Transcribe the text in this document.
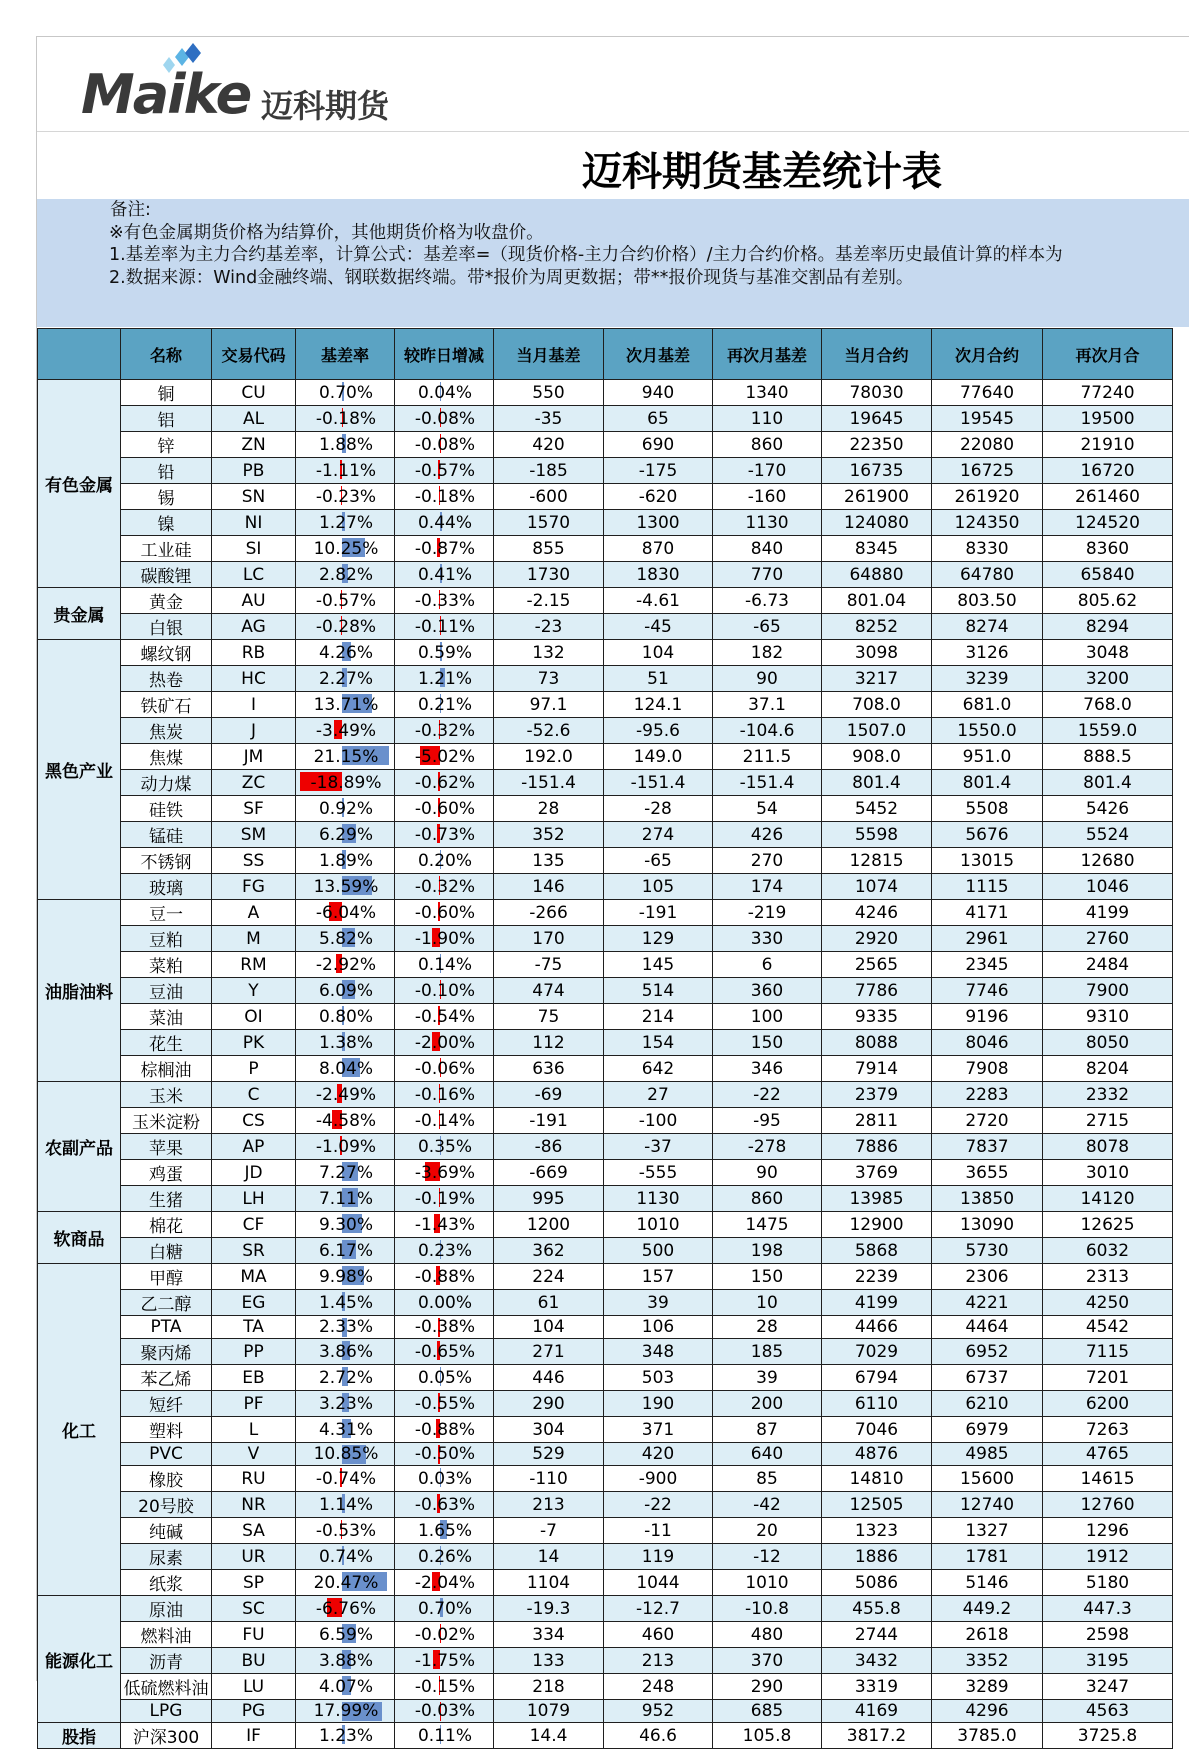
Maike 迈科期货
迈科期货基差统计表
备注:
※有色金属期货价格为结算价，其他期货价格为收盘价。
1.基差率为主力合约基差率，计算公式：基差率=（现货价格-主力合约价格）/主力合约价格。基差率历史最值计算的样本为
2.数据来源：Wind金融终端、钢联数据终端。带*报价为周更数据；带**报价现货与基准交割品有差别。
	名称	交易代码	基差率	较昨日增减	当月基差	次月基差	再次月基差	当月合约	次月合约	再次月合
有色金属	铜	CU	0.70%	0.04%	550	940	1340	78030	77640	77240
	铝	AL	-0.18%	-0.08%	-35	65	110	19645	19545	19500
	锌	ZN	1.88%	-0.08%	420	690	860	22350	22080	21910
	铅	PB	-1.11%	-0.57%	-185	-175	-170	16735	16725	16720
	锡	SN	-0.23%	-0.18%	-600	-620	-160	261900	261920	261460
	镍	NI	1.27%	0.44%	1570	1300	1130	124080	124350	124520
	工业硅	SI	10.25%	-0.87%	855	870	840	8345	8330	8360
	碳酸锂	LC	2.82%	0.41%	1730	1830	770	64880	64780	65840
贵金属	黄金	AU	-0.57%	-0.33%	-2.15	-4.61	-6.73	801.04	803.50	805.62
	白银	AG	-0.28%	-0.11%	-23	-45	-65	8252	8274	8294
黑色产业	螺纹钢	RB	4.26%	0.59%	132	104	182	3098	3126	3048
	热卷	HC	2.27%	1.21%	73	51	90	3217	3239	3200
	铁矿石	I	13.71%	0.21%	97.1	124.1	37.1	708.0	681.0	768.0
	焦炭	J	-3.49%	-0.32%	-52.6	-95.6	-104.6	1507.0	1550.0	1559.0
	焦煤	JM	21.15%	-5.02%	192.0	149.0	211.5	908.0	951.0	888.5
	动力煤	ZC	-18.89%	-0.62%	-151.4	-151.4	-151.4	801.4	801.4	801.4
	硅铁	SF	0.92%	-0.60%	28	-28	54	5452	5508	5426
	锰硅	SM	6.29%	-0.73%	352	274	426	5598	5676	5524
	不锈钢	SS	1.89%	0.20%	135	-65	270	12815	13015	12680
	玻璃	FG	13.59%	-0.32%	146	105	174	1074	1115	1046
油脂油料	豆一	A	-6.04%	-0.60%	-266	-191	-219	4246	4171	4199
	豆粕	M	5.82%	-1.90%	170	129	330	2920	2961	2760
	菜粕	RM	-2.92%	0.14%	-75	145	6	2565	2345	2484
	豆油	Y	6.09%	-0.10%	474	514	360	7786	7746	7900
	菜油	OI	0.80%	-0.54%	75	214	100	9335	9196	9310
	花生	PK	1.38%	-2.00%	112	154	150	8088	8046	8050
	棕榈油	P	8.04%	-0.06%	636	642	346	7914	7908	8204
农副产品	玉米	C	-2.49%	-0.16%	-69	27	-22	2379	2283	2332
	玉米淀粉	CS	-4.58%	-0.14%	-191	-100	-95	2811	2720	2715
	苹果	AP	-1.09%	0.35%	-86	-37	-278	7886	7837	8078
	鸡蛋	JD	7.27%	-3.69%	-669	-555	90	3769	3655	3010
	生猪	LH	7.11%	-0.19%	995	1130	860	13985	13850	14120
软商品	棉花	CF	9.30%	-1.43%	1200	1010	1475	12900	13090	12625
	白糖	SR	6.17%	0.23%	362	500	198	5868	5730	6032
化工	甲醇	MA	9.98%	-0.88%	224	157	150	2239	2306	2313
	乙二醇	EG	1.45%	0.00%	61	39	10	4199	4221	4250
	PTA	TA	2.33%	-0.38%	104	106	28	4466	4464	4542
	聚丙烯	PP	3.86%	-0.65%	271	348	185	7029	6952	7115
	苯乙烯	EB	2.72%	0.05%	446	503	39	6794	6737	7201
	短纤	PF	3.23%	-0.55%	290	190	200	6110	6210	6200
	塑料	L	4.31%	-0.88%	304	371	87	7046	6979	7263
	PVC	V	10.85%	-0.50%	529	420	640	4876	4985	4765
	橡胶	RU	-0.74%	0.03%	-110	-900	85	14810	15600	14615
	20号胶	NR	1.14%	-0.63%	213	-22	-42	12505	12740	12760
	纯碱	SA	-0.53%	1.65%	-7	-11	20	1323	1327	1296
	尿素	UR	0.74%	0.26%	14	119	-12	1886	1781	1912
	纸浆	SP	20.47%	-2.04%	1104	1044	1010	5086	5146	5180
能源化工	原油	SC	-6.76%	0.70%	-19.3	-12.7	-10.8	455.8	449.2	447.3
	燃料油	FU	6.59%	-0.02%	334	460	480	2744	2618	2598
	沥青	BU	3.88%	-1.75%	133	213	370	3432	3352	3195
	低硫燃料油	LU	4.07%	-0.15%	218	248	290	3319	3289	3247
	LPG	PG	17.99%	-0.03%	1079	952	685	4169	4296	4563
股指	沪深300	IF	1.23%	0.11%	14.4	46.6	105.8	3817.2	3785.0	3725.8
